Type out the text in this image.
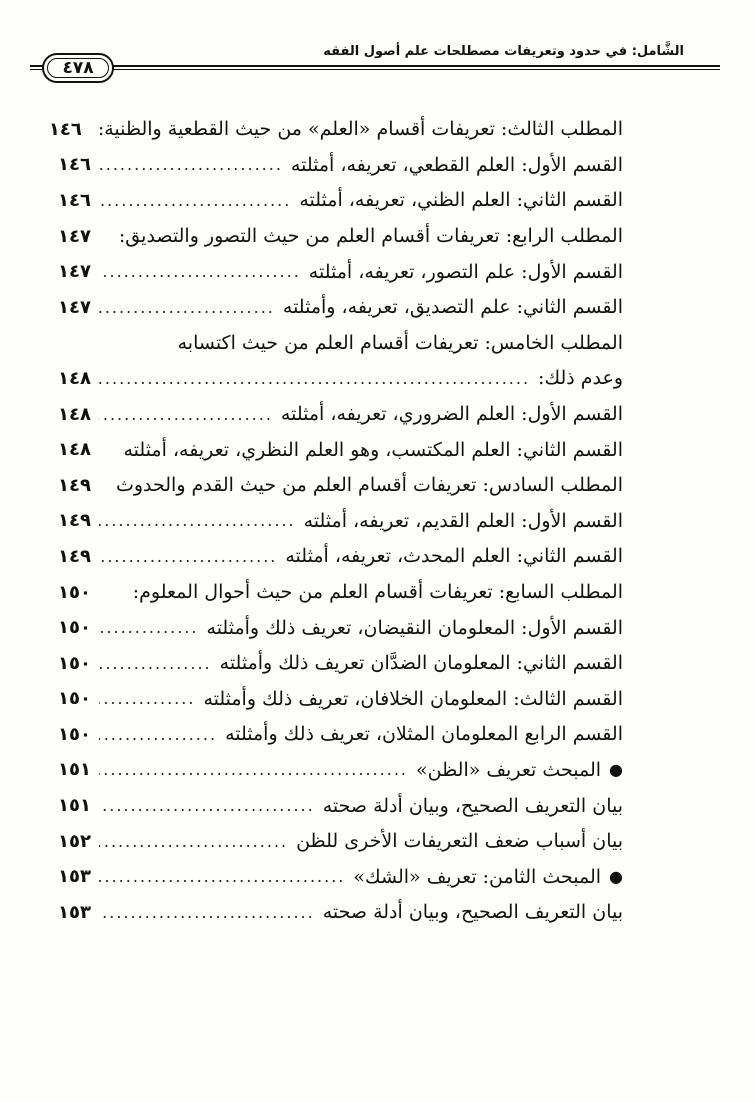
الشَّامل: في حدود وتعريفات مصطلحات علم أصول الفقه
٤٧٨
المطلب الثالث: تعريفات أقسام «العلم» من حيث القطعية والظنية:
١٤٦
القسم الأول: العلم القطعي، تعريفه، أمثلته
.....
١٤٦
القسم الثاني: العلم الظني، تعريفه، أمثلته
.....
١٤٦
المطلب الرابع: تعريفات أقسام العلم من حيث التصور والتصديق:
١٤٧
القسم الأول: علم التصور، تعريفه، أمثلته
.....
١٤٧
القسم الثاني: علم التصديق، تعريفه، وأمثلته
.....
١٤٧
المطلب الخامس: تعريفات أقسام العلم من حيث اكتسابه
وعدم ذلك:
.....
١٤٨
القسم الأول: العلم الضروري، تعريفه، أمثلته
.....
١٤٨
القسم الثاني: العلم المكتسب، وهو العلم النظري، تعريفه، أمثلته
١٤٨
المطلب السادس: تعريفات أقسام العلم من حيث القدم والحدوث
١٤٩
القسم الأول: العلم القديم، تعريفه، أمثلته
.....
١٤٩
القسم الثاني: العلم المحدث، تعريفه، أمثلته
.....
١٤٩
المطلب السابع: تعريفات أقسام العلم من حيث أحوال المعلوم:
١٥٠
القسم الأول: المعلومان النقيضان، تعريف ذلك وأمثلته
.....
١٥٠
القسم الثاني: المعلومان الضدَّان تعريف ذلك وأمثلته
.....
١٥٠
القسم الثالث: المعلومان الخلافان، تعريف ذلك وأمثلته
.....
١٥٠
القسم الرابع المعلومان المثلان، تعريف ذلك وأمثلته
.....
١٥٠
●
المبحث تعريف «الظن»
.....
١٥١
بيان التعريف الصحيح، وبيان أدلة صحته
.....
١٥١
بيان أسباب ضعف التعريفات الأخرى للظن
.....
١٥٢
●
المبحث الثامن: تعريف «الشك»
.....
١٥٣
بيان التعريف الصحيح، وبيان أدلة صحته
.....
١٥٣
